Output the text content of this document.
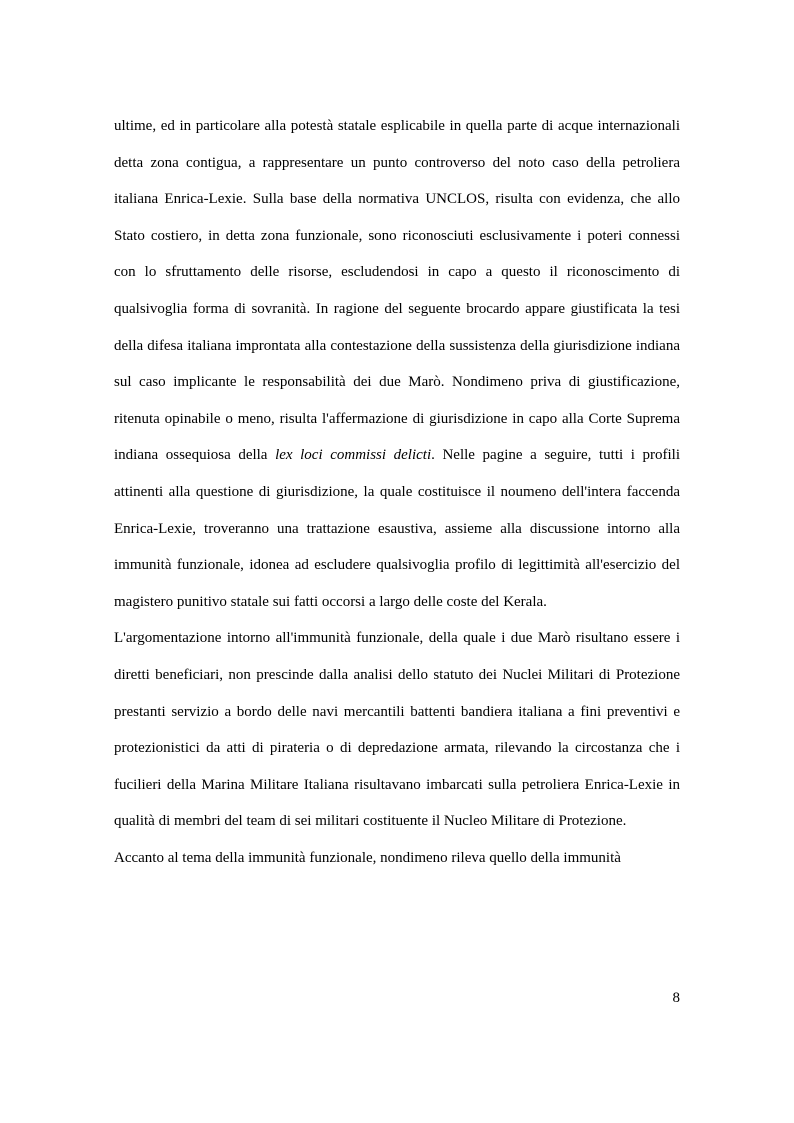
ultime, ed in particolare alla potestà statale esplicabile in quella parte di acque internazionali detta zona contigua, a rappresentare un punto controverso del noto caso della petroliera italiana Enrica-Lexie. Sulla base della normativa UNCLOS, risulta con evidenza, che allo Stato costiero, in detta zona funzionale, sono riconosciuti esclusivamente i poteri connessi con lo sfruttamento delle risorse, escludendosi in capo a questo il riconoscimento di qualsivoglia forma di sovranità. In ragione del seguente brocardo appare giustificata la tesi della difesa italiana improntata alla contestazione della sussistenza della giurisdizione indiana sul caso implicante le responsabilità dei due Marò. Nondimeno priva di giustificazione, ritenuta opinabile o meno, risulta l'affermazione di giurisdizione in capo alla Corte Suprema indiana ossequiosa della lex loci commissi delicti. Nelle pagine a seguire, tutti i profili attinenti alla questione di giurisdizione, la quale costituisce il noumeno dell'intera faccenda Enrica-Lexie, troveranno una trattazione esaustiva, assieme alla discussione intorno alla immunità funzionale, idonea ad escludere qualsivoglia profilo di legittimità all'esercizio del magistero punitivo statale sui fatti occorsi a largo delle coste del Kerala.

L'argomentazione intorno all'immunità funzionale, della quale i due Marò risultano essere i diretti beneficiari, non prescinde dalla analisi dello statuto dei Nuclei Militari di Protezione prestanti servizio a bordo delle navi mercantili battenti bandiera italiana a fini preventivi e protezionistici da atti di pirateria o di depredazione armata, rilevando la circostanza che i fucilieri della Marina Militare Italiana risultavano imbarcati sulla petroliera Enrica-Lexie in qualità di membri del team di sei militari costituente il Nucleo Militare di Protezione.

Accanto al tema della immunità funzionale, nondimeno rileva quello della immunità

8
